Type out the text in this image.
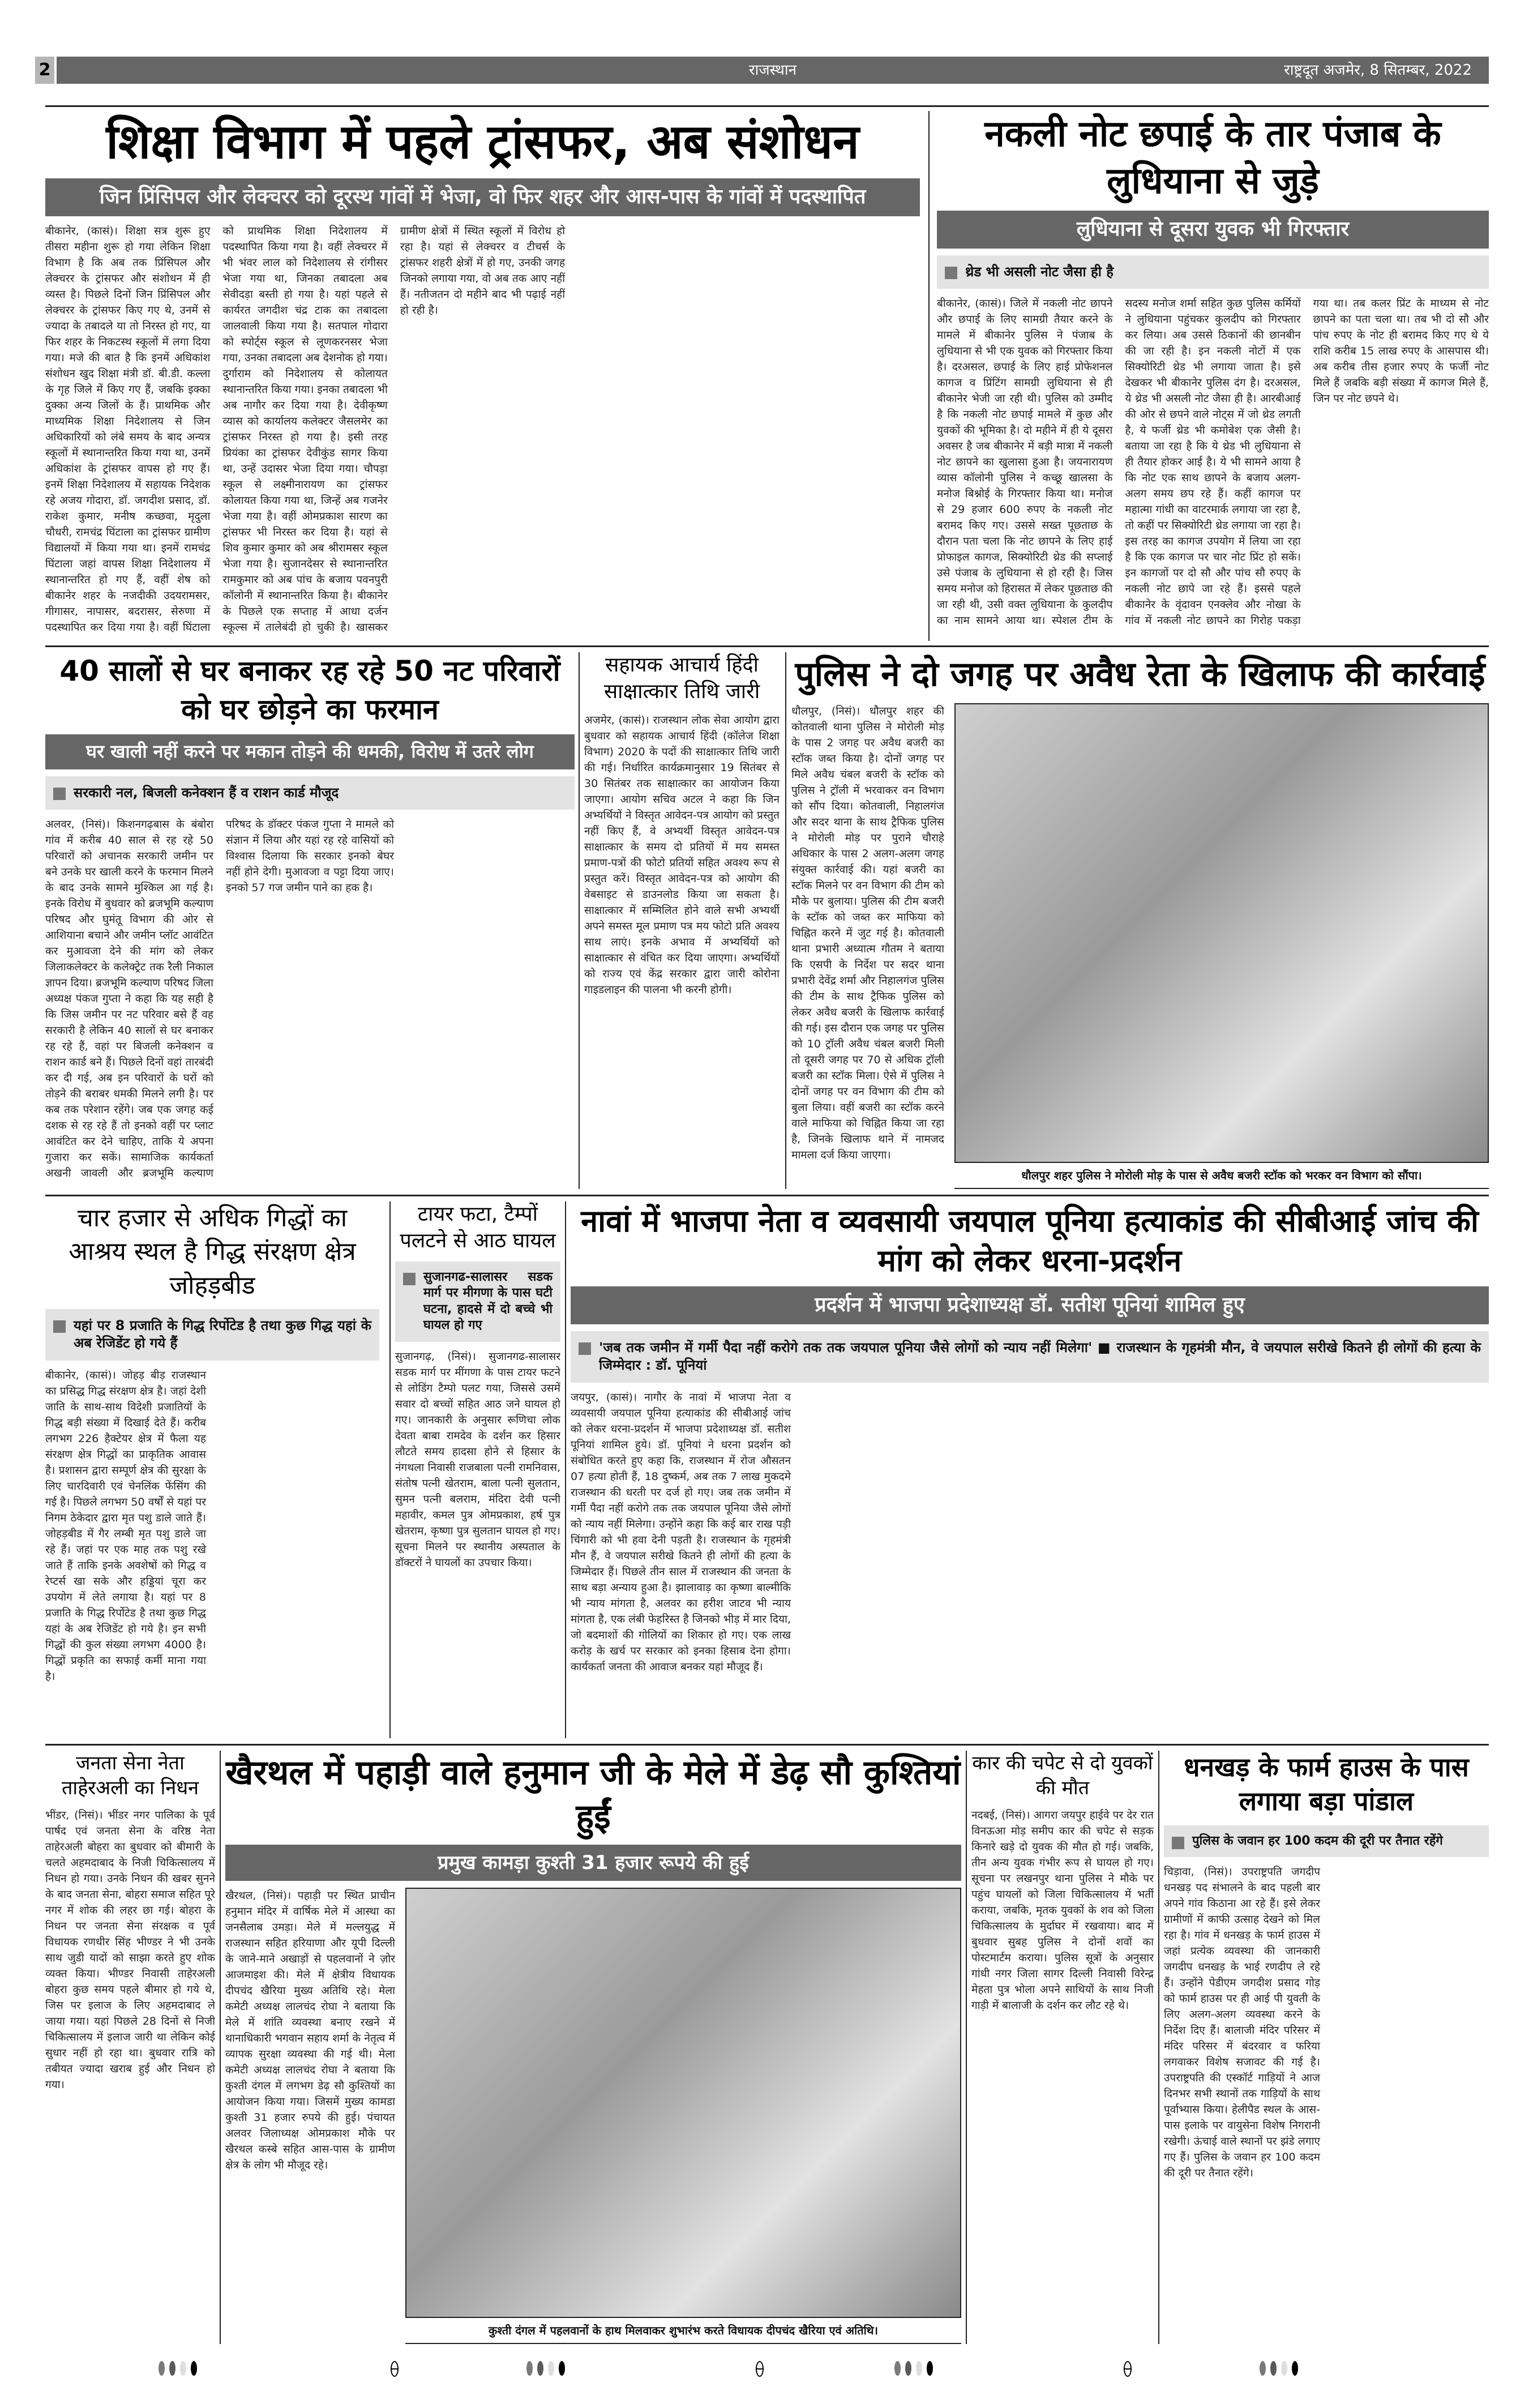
2	राजस्थान	राष्ट्रदूत अजमेर, 8 सितम्बर, 2022
शिक्षा विभाग में पहले ट्रांसफर, अब संशोधन
जिन प्रिंसिपल और लेक्चरर को दूरस्थ गांवों में भेजा, वो फिर शहर और आस-पास के गांवों में पदस्थापित

बीकानेर, (कासं)। शिक्षा सत्र शुरू हुए तीसरा महीना शुरू हो गया लेकिन शिक्षा विभाग है कि अब तक प्रिंसिपल और लेक्चरर के ट्रांसफर और संशोधन में ही व्यस्त है। पिछले दिनों जिन प्रिंसिपल और लेक्चरर के ट्रांसफर किए गए थे, उनमें से ज्यादा के तबादले या तो निरस्त हो गए, या फिर शहर के निकटस्थ स्कूलों में लगा दिया गया। मजे की बात है कि इनमें अधिकांश संशोधन खुद शिक्षा मंत्री डॉ. बी.डी. कल्ला के गृह जिले में किए गए हैं, जबकि इक्का दुक्का अन्य जिलों के हैं। प्राथमिक और माध्यमिक शिक्षा निदेशालय से जिन अधिकारियों को लंबे समय के बाद अन्यत्र स्कूलों में स्थानान्तरित किया गया था, उनमें अधिकांश के ट्रांसफर वापस हो गए हैं। इनमें शिक्षा निदेशालय में सहायक निदेशक रहे अजय गोदारा, डॉ. जगदीश प्रसाद, डॉ. राकेश कुमार, मनीष कच्छवा, मृदुला चौधरी, रामचंद्र घिंटाला का ट्रांसफर ग्रामीण विद्यालयों में किया गया था। इनमें रामचंद्र घिंटाला जहां वापस शिक्षा निदेशालय में स्थानान्तरित हो गए हैं, वहीं शेष को बीकानेर शहर के नजदीकी उदयरामसर, गीगासर, नापासर, बदरासर, सेरुणा में पदस्थापित कर दिया गया है। वहीं घिंटाला को प्राथमिक शिक्षा निदेशालय में पदस्थापित किया गया है। वहीं लेक्चरर में भी भंवर लाल को निदेशालय से रांगीसर भेजा गया था, जिनका तबादला अब सेवीदड़ा बस्ती हो गया है। यहां पहले से कार्यरत जगदीश चंद्र टाक का तबादला जालवाली किया गया है। सतपाल गोदारा को स्पोर्ट्स स्कूल से लूणकरनसर भेजा गया, उनका तबादला अब देशनोक हो गया। दुर्गाराम को निदेशालय से कोलायत स्थानान्तरित किया गया। इनका तबादला भी अब नागौर कर दिया गया है। देवीकृष्ण व्यास को कार्यालय कलेक्टर जैसलमेर का ट्रांसफर निरस्त हो गया है। इसी तरह प्रियंका का ट्रांसफर देवीकुंड सागर किया था, उन्हें उदासर भेजा दिया गया। चौपड़ा स्कूल से लक्ष्मीनारायण का ट्रांसफर कोलायत किया गया था, जिन्हें अब गजनेर भेजा गया है। वहीं ओमप्रकाश सारण का ट्रांसफर भी निरस्त कर दिया है। यहां से शिव कुमार कुमार को अब श्रीरामसर स्कूल भेजा गया है। सुजानदेसर से स्थानान्तरित रामकुमार को अब पांच के बजाय पवनपुरी कॉलोनी में स्थानान्तरित किया है। बीकानेर के पिछले एक सप्ताह में आधा दर्जन स्कूल्स में तालेबंदी हो चुकी है। खासकर ग्रामीण क्षेत्रों में स्थित स्कूलों में विरोध हो रहा है। यहां से लेक्चरर व टीचर्स के ट्रांसफर शहरी क्षेत्रों में हो गए, उनकी जगह जिनको लगाया गया, वो अब तक आए नहीं हैं। नतीजतन दो महीने बाद भी पढ़ाई नहीं हो रही है।

नकली नोट छपाई के तार पंजाब के लुधियाना से जुड़े
लुधियाना से दूसरा युवक भी गिरफ्तार
थ्रेड भी असली नोट जैसा ही है
बीकानेर, (कासं)। जिले में नकली नोट छापने और छपाई के लिए सामग्री तैयार करने के मामले में बीकानेर पुलिस ने पंजाब के लुधियाना से भी एक युवक को गिरफ्तार किया है। दरअसल, छपाई के लिए हाई प्रोफेशनल कागज व प्रिंटिंग सामग्री लुधियाना से ही बीकानेर भेजी जा रही थी। पुलिस को उम्मीद है कि नकली नोट छपाई मामले में कुछ और युवकों की भूमिका है। दो महीने में ही ये दूसरा अवसर है जब बीकानेर में बड़ी मात्रा में नकली नोट छापने का खुलासा हुआ है। जयनारायण व्यास कॉलोनी पुलिस ने कच्छू खालसा के मनोज बिश्नोई के गिरफ्तार किया था। मनोज से 29 हजार 600 रुपए के नकली नोट बरामद किए गए। उससे सख्त पूछताछ के दौरान पता चला कि नोट छापने के लिए हाई प्रोफाइल कागज, सिक्योरिटी थ्रेड की सप्लाई उसे पंजाब के लुधियाना से हो रही है। जिस समय मनोज को हिरासत में लेकर पूछताछ की जा रही थी, उसी वक्त लुधियाना के कुलदीप का नाम सामने आया था। स्पेशल टीम के सदस्य मनोज शर्मा सहित कुछ पुलिस कर्मियों ने लुधियाना पहुंचकर कुलदीप को गिरफ्तार कर लिया। अब उससे ठिकानों की छानबीन की जा रही है। इन नकली नोटों में एक सिक्योरिटी थ्रेड भी लगाया जाता है। इसे देखकर भी बीकानेर पुलिस दंग है। दरअसल, ये थ्रेड भी असली नोट जैसा ही है। आरबीआई की ओर से छपने वाले नोट्स में जो थ्रेड लगती है, ये फर्जी थ्रेड भी कमोबेश एक जैसी है। बताया जा रहा है कि ये थ्रेड भी लुधियाना से ही तैयार होकर आई है। ये भी सामने आया है कि नोट एक साथ छापने के बजाय अलग-अलग समय छप रहे हैं। कहीं कागज पर महात्मा गांधी का वाटरमार्क लगाया जा रहा है, तो कहीं पर सिक्योरिटी थ्रेड लगाया जा रहा है। इस तरह का कागज उपयोग में लिया जा रहा है कि एक कागज पर चार नोट प्रिंट हो सकें। इन कागजों पर दो सौ और पांच सौ रुपए के नकली नोट छापे जा रहे हैं। इससे पहले बीकानेर के वृंदावन एनक्लेव और नोखा के गांव में नकली नोट छापने का गिरोह पकड़ा गया था। तब कलर प्रिंट के माध्यम से नोट छापने का पता चला था। तब भी दो सौ और पांच रुपए के नोट ही बरामद किए गए थे ये राशि करीब 15 लाख रुपए के आसपास थी। अब करीब तीस हजार रुपए के फर्जी नोट मिले हैं जबकि बड़ी संख्या में कागज मिले हैं, जिन पर नोट छपने थे।
40 सालों से घर बनाकर रह रहे 50 नट परिवारों को घर छोड़ने का फरमान
घर खाली नहीं करने पर मकान तोड़ने की धमकी, विरोध में उतरे लोग
सरकारी नल, बिजली कनेक्शन हैं व राशन कार्ड मौजूद
अलवर, (निसं)। किशनगढ़बास के बंबोरा गांव में करीब 40 साल से रह रहे 50 परिवारों को अचानक सरकारी जमीन पर बने उनके घर खाली करने के फरमान मिलने के बाद उनके सामने मुश्किल आ गई है। इनके विरोध में बुधवार को ब्रजभूमि कल्याण परिषद और घुमंतू विभाग की ओर से आशियाना बचाने और जमीन प्लॉट आवंटित कर मुआवजा देने की मांग को लेकर जिलाकलेक्टर के कलेक्ट्रेट तक रैली निकाल ज्ञापन दिया। ब्रजभूमि कल्याण परिषद जिला अध्यक्ष पंकज गुप्ता ने कहा कि यह सही है कि जिस जमीन पर नट परिवार बसे हैं वह सरकारी है लेकिन 40 सालों से घर बनाकर रह रहे हैं, वहां पर बिजली कनेक्शन व राशन कार्ड बने हैं। पिछले दिनों वहां तारबंदी कर दी गई, अब इन परिवारों के घरों को तोड़ने की बराबर धमकी मिलने लगी है। पर कब तक परेशान रहेंगे। जब एक जगह कई दशक से रह रहे हैं तो इनको वहीं पर प्लाट आवंटित कर देने चाहिए, ताकि ये अपना गुजारा कर सकें। सामाजिक कार्यकर्ता अखनी जावली और ब्रजभूमि कल्याण परिषद के डॉक्टर पंकज गुप्ता ने मामले को संज्ञान में लिया और यहां रह रहे वासियों को विश्वास दिलाया कि सरकार इनको बेघर नहीं होने देगी। मुआवजा व पट्टा दिया जाए। इनको 57 गज जमीन पाने का हक है।
सहायक आचार्य हिंदी साक्षात्कार तिथि जारी

अजमेर, (कासं)। राजस्थान लोक सेवा आयोग द्वारा बुधवार को सहायक आचार्य हिंदी (कॉलेज शिक्षा विभाग) 2020 के पदों की साक्षात्कार तिथि जारी की गई। निर्धारित कार्यक्रमानुसार 19 सितंबर से 30 सितंबर तक साक्षात्कार का आयोजन किया जाएगा। आयोग सचिव अटल ने कहा कि जिन अभ्यर्थियों ने विस्तृत आवेदन-पत्र आयोग को प्रस्तुत नहीं किए हैं, वे अभ्यर्थी विस्तृत आवेदन-पत्र साक्षात्कार के समय दो प्रतियों में मय समस्त प्रमाण-पत्रों की फोटो प्रतियों सहित अवश्य रूप से प्रस्तुत करें। विस्तृत आवेदन-पत्र को आयोग की वेबसाइट से डाउनलोड किया जा सकता है। साक्षात्कार में सम्मिलित होने वाले सभी अभ्यर्थी अपने समस्त मूल प्रमाण पत्र मय फोटो प्रति अवश्य साथ लाएं। इनके अभाव में अभ्यर्थियों को साक्षात्कार से वंचित कर दिया जाएगा। अभ्यर्थियों को राज्य एवं केंद्र सरकार द्वारा जारी कोरोना गाइडलाइन की पालना भी करनी होगी।

पुलिस ने दो जगह पर अवैध रेता के खिलाफ की कार्रवाई

धौलपुर, (निसं)। धौलपुर शहर की कोतवाली थाना पुलिस ने मोरोली मोड़ के पास 2 जगह पर अवैध बजरी का स्टॉक जब्त किया है। दोनों जगह पर मिले अवैध चंबल बजरी के स्टॉक को पुलिस ने ट्रॉली में भरवाकर वन विभाग को सौंप दिया। कोतवाली, निहालगंज और सदर थाना के साथ ट्रैफिक पुलिस ने मोरोली मोड़ पर पुराने चौराहे अधिकार के पास 2 अलग-अलग जगह संयुक्त कार्रवाई की। यहां बजरी का स्टॉक मिलने पर वन विभाग की टीम को मौके पर बुलाया। पुलिस की टीम बजरी के स्टॉक को जब्त कर माफिया को चिह्नित करने में जुट गई है। कोतवाली थाना प्रभारी अध्यात्म गौतम ने बताया कि एसपी के निर्देश पर सदर थाना प्रभारी देवेंद्र शर्मा और निहालगंज पुलिस की टीम के साथ ट्रैफिक पुलिस को लेकर अवैध बजरी के खिलाफ कार्रवाई की गई। इस दौरान एक जगह पर पुलिस को 10 ट्रॉली अवैध चंबल बजरी मिली तो दूसरी जगह पर 70 से अधिक ट्रॉली बजरी का स्टॉक मिला। ऐसे में पुलिस ने दोनों जगह पर वन विभाग की टीम को बुला लिया। वहीं बजरी का स्टॉक करने वाले माफिया को चिह्नित किया जा रहा है, जिनके खिलाफ थाने में नामजद मामला दर्ज किया जाएगा।

धौलपुर शहर पुलिस ने मोरोली मोड़ के पास से अवैध बजरी स्टॉक को भरकर वन विभाग को सौंपा।
चार हजार से अधिक गिद्धों का आश्रय स्थल है गिद्ध संरक्षण क्षेत्र जोहड़बीड
यहां पर 8 प्रजाति के गिद्ध रिर्पोटेड है तथा कुछ गिद्ध यहां के अब रेजिडेंट हो गये हैं
बीकानेर, (कासं)। जोहड़ बीड़ राजस्थान का प्रसिद्ध गिद्ध संरक्षण क्षेत्र है। जहां देशी जाति के साथ-साथ विदेशी प्रजातियों के गिद्ध बड़ी संख्या में दिखाई देते हैं। करीब लगभग 226 हैक्टेयर क्षेत्र में फैला यह संरक्षण क्षेत्र गिद्धों का प्राकृतिक आवास है। प्रशासन द्वारा सम्पूर्ण क्षेत्र की सुरक्षा के लिए चारदिवारी एवं चेनलिंक फेंसिंग की गई है। पिछले लगभग 50 वर्षों से यहां पर निगम ठेकेदार द्वारा मृत पशु डाले जाते हैं। जोहड़बीड में गैर लम्बी मृत पशु डाले जा रहे हैं। जहां पर एक माह तक पशु रखे जाते हैं ताकि इनके अवशेषों को गिद्ध व रेप्टर्स खा सके और हड्डियां चूरा कर उपयोग में लेते लगाया है। यहां पर 8 प्रजाति के गिद्ध रिर्पोटेड है तथा कुछ गिद्ध यहां के अब रेजिडेंट हो गये है। इन सभी गिद्धों की कुल संख्या लगभग 4000 है। गिद्धों प्रकृति का सफाई कर्मी माना गया है।
टायर फटा, टैम्पों पलटने से आठ घायल
सुजानगढ-सालासर सडक मार्ग पर मीगणा के पास घटी घटना, हादसे में दो बच्चे भी घायल हो गए
सुजानगढ़, (निसं)। सुजानगढ-सालासर सडक मार्ग पर मींगणा के पास टायर फटने से लोडिंग टैम्पो पलट गया, जिससे उसमें सवार दो बच्चों सहित आठ जने घायल हो गए। जानकारी के अनुसार रूणिचा लोक देवता बाबा रामदेव के दर्शन कर हिसार लौटते समय हादसा होने से हिसार के नंगथला निवासी राजबाला पत्नी रामनिवास, संतोष पत्नी खेतराम, बाला पत्नी सुलतान, सुमन पत्नी बलराम, मंदिरा देवी पत्नी महावीर, कमल पुत्र ओमप्रकाश, हर्ष पुत्र खेतराम, कृष्णा पुत्र सुलतान घायल हो गए। सूचना मिलने पर स्थानीय अस्पताल के डॉक्टरों ने घायलों का उपचार किया।
नावां में भाजपा नेता व व्यवसायी जयपाल पूनिया हत्याकांड की सीबीआई जांच की मांग को लेकर धरना-प्रदर्शन
प्रदर्शन में भाजपा प्रदेशाध्यक्ष डॉ. सतीश पूनियां शामिल हुए
'जब तक जमीन में गर्मी पैदा नहीं करोगे तक तक जयपाल पूनिया जैसे लोगों को न्याय नहीं मिलेगा' ■ राजस्थान के गृहमंत्री मौन, वे जयपाल सरीखे कितने ही लोगों की हत्या के जिम्मेदार : डॉ. पूनियां
जयपुर, (कासं)। नागौर के नावां में भाजपा नेता व व्यवसायी जयपाल पूनिया हत्याकांड की सीबीआई जांच को लेकर धरना-प्रदर्शन में भाजपा प्रदेशाध्यक्ष डॉ. सतीश पूनियां शामिल हुये। डॉ. पूनियां ने धरना प्रदर्शन को संबोधित करते हुए कहा कि, राजस्थान में रोज औसतन 07 हत्या होती हैं, 18 दुष्कर्म, अब तक 7 लाख मुकदमे राजस्थान की धरती पर दर्ज हो गए। जब तक जमीन में गर्मी पैदा नहीं करोगे तक तक जयपाल पूनिया जैसे लोगों को न्याय नहीं मिलेगा। उन्होंने कहा कि कई बार राख पड़ी चिंगारी को भी हवा देनी पड़ती है। राजस्थान के गृहमंत्री मौन हैं, वे जयपाल सरीखे कितने ही लोगों की हत्या के जिम्मेदार हैं। पिछले तीन साल में राजस्थान की जनता के साथ बड़ा अन्याय हुआ है। झालावाड़ का कृष्णा बाल्मीकि भी न्याय मांगता है, अलवर का हरीश जाटव भी न्याय मांगता है, एक लंबी फेहरिस्त है जिनको भीड़ में मार दिया, जो बदमाशों की गोलियों का शिकार हो गए। एक लाख करोड़ के खर्च पर सरकार को इनका हिसाब देना होगा। कार्यकर्ता जनता की आवाज बनकर यहां मौजूद हैं।
जनता सेना नेता ताहेरअली का निधन

भींडर, (निसं)। भींडर नगर पालिका के पूर्व पार्षद एवं जनता सेना के वरिष्ठ नेता ताहेरअली बोहरा का बुधवार को बीमारी के चलते अहमदाबाद के निजी चिकित्सालय में निधन हो गया। उनके निधन की खबर सुनने के बाद जनता सेना, बोहरा समाज सहित पूरे नगर में शोक की लहर छा गई। बोहरा के निधन पर जनता सेना संरक्षक व पूर्व विधायक रणधीर सिंह भीण्डर ने भी उनके साथ जुडी यादों को साझा करते हुए शोक व्यक्त किया। भीण्डर निवासी ताहेरअली बोहरा कुछ समय पहले बीमार हो गये थे, जिस पर इलाज के लिए अहमदाबाद ले जाया गया। यहां पिछले 28 दिनों से निजी चिकित्सालय में इलाज जारी था लेकिन कोई सुधार नहीं हो रहा था। बुधवार रात्रि को तबीयत ज्यादा खराब हुई और निधन हो गया।

खैरथल में पहाड़ी वाले हनुमान जी के मेले में डेढ़ सौ कुश्तियां हुईं
प्रमुख कामड़ा कुश्ती 31 हजार रूपये की हुई

खैरथल, (निसं)। पहाड़ी पर स्थित प्राचीन हनुमान मंदिर में वार्षिक मेले में आस्था का जनसैलाब उमड़ा। मेले में मल्लयुद्ध में राजस्थान सहित हरियाणा और यूपी दिल्ली के जाने-माने अखाड़ों से पहलवानों ने ज़ोर आजमाइश की। मेले में क्षेत्रीय विधायक दीपचंद खैरिया मुख्य अतिथि रहे। मेला कमेटी अध्यक्ष लालचंद रोघा ने बताया कि मेले में शांति व्यवस्था बनाए रखने में थानाधिकारी भगवान सहाय शर्मा के नेतृत्व में व्यापक सुरक्षा व्यवस्था की गई थी। मेला कमेटी अध्यक्ष लालचंद रोघा ने बताया कि कुश्ती दंगल में लगभग डेढ़ सौ कुश्तियों का आयोजन किया गया। जिसमें मुख्य कामडा कुश्ती 31 हजार रुपये की हुई। पंचायत अलवर जिलाध्यक्ष ओमप्रकाश मौके पर खैरथल कस्बे सहित आस-पास के ग्रामीण क्षेत्र के लोग भी मौजूद रहे।

कुश्ती दंगल में पहलवानों के हाथ मिलवाकर शुभारंभ करते विधायक दीपचंद खैरिया एवं अतिथि।
कार की चपेट से दो युवकों की मौत

नदबई, (निसं)। आगरा जयपुर हाईवे पर देर रात विनऊआ मोड़ समीप कार की चपेट से सड़क किनारे खड़े दो युवक की मौत हो गई। जबकि, तीन अन्य युवक गंभीर रूप से घायल हो गए। सूचना पर लखनपुर थाना पुलिस ने मौके पर पहुंच घायलों को जिला चिकित्सालय में भर्ती कराया, जबकि, मृतक युवकों के शव को जिला चिकित्सालय के मुर्दाघर में रखवाया। बाद में बुधवार सुबह पुलिस ने दोनों शवों का पोस्टमार्टम कराया। पुलिस सूत्रों के अनुसार गांधी नगर जिला सागर दिल्ली निवासी विरेन्द्र मेहता पुत्र भोला अपने साथियों के साथ निजी गाड़ी में बालाजी के दर्शन कर लौट रहे थे।

धनखड़ के फार्म हाउस के पास लगाया बड़ा पांडाल
पुलिस के जवान हर 100 कदम की दूरी पर तैनात रहेंगे
चिड़ावा, (निसं)। उपराष्ट्रपति जगदीप धनखड़ पद संभालने के बाद पहली बार अपने गांव किठाना आ रहे हैं। इसे लेकर ग्रामीणों में काफी उत्साह देखने को मिल रहा है। गांव में धनखड़ के फार्म हाउस में जहां प्रत्येक व्यवस्था की जानकारी जगदीप धनखड़ के भाई रणदीप ले रहे हैं। उन्होंने पेडीएम जगदीश प्रसाद गोड़ को फार्म हाउस पर ही आई पी युवती के लिए अलग-अलग व्यवस्था करने के निर्देश दिए हैं। बालाजी मंदिर परिसर में मंदिर परिसर में बंदरवार व फरिया लगवाकर विशेष सजावट की गई है। उपराष्ट्रपति की एस्कॉर्ट गाड़ियों ने आज दिनभर सभी स्थानों तक गाड़ियों के साथ पूर्वाभ्यास किया। हेलीपैड स्थल के आस-पास इलाके पर वायुसेना विशेष निगरानी रखेगी। ऊंचाई वाले स्थानों पर झंडे लगाए गए हैं। पुलिस के जवान हर 100 कदम की दूरी पर तैनात रहेंगे।
